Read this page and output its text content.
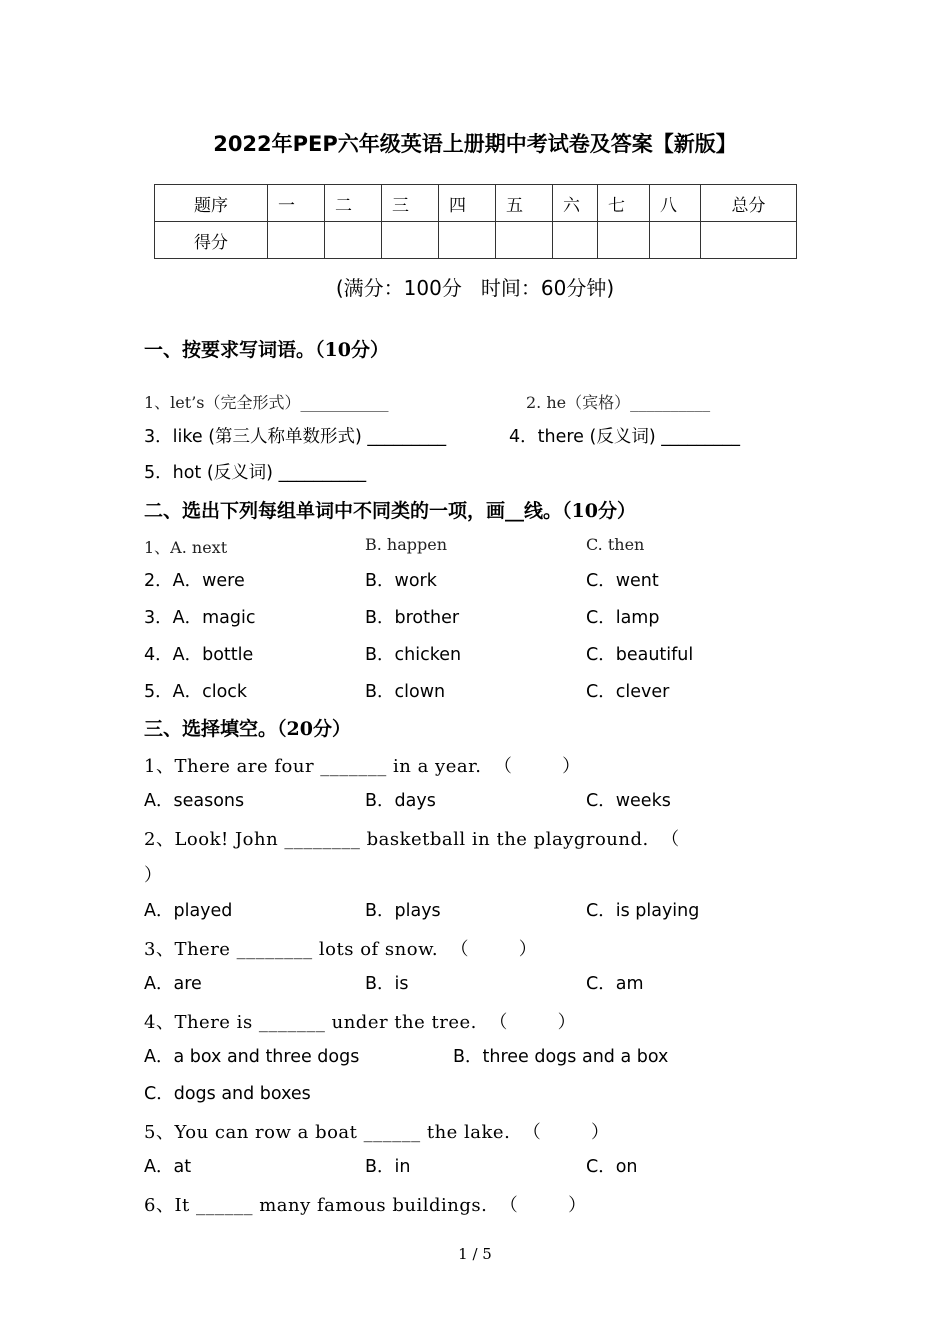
2022年PEP六年级英语上册期中考试卷及答案【新版】
题序	一	二	三	四	五	六	七	八	总分
得分									
(满分：100分   时间：60分钟)
一、按要求写词语。（10分）
1、let’s（完全形式）___________	2. he（宾格）__________
3．like (第三人称单数形式) _________	4．there (反义词) _________
5．hot (反义词) __________
二、选出下列每组单词中不同类的一项，画__线。（10分）
1、A. next	B. happen	C. then
2．A．were	B．work	C．went
3．A．magic	B．brother	C．lamp
4．A．bottle	B．chicken	C．beautiful
5．A．clock	B．clown	C．clever
三、选择填空。（20分）
1、There are four _______ in a year.  （        ）
A．seasons	B．days	C．weeks
2、Look! John ________ basketball in the playground.  （
）
A．played	B．plays	C．is playing
3、There ________ lots of snow.  （        ）
A．are	B．is	C．am
4、There is _______ under the tree.  （        ）
A．a box and three dogs	B．three dogs and a box
C．dogs and boxes
5、You can row a boat ______ the lake.  （        ）
A．at	B．in	C．on
6、It ______ many famous buildings.  （        ）
1 / 5
